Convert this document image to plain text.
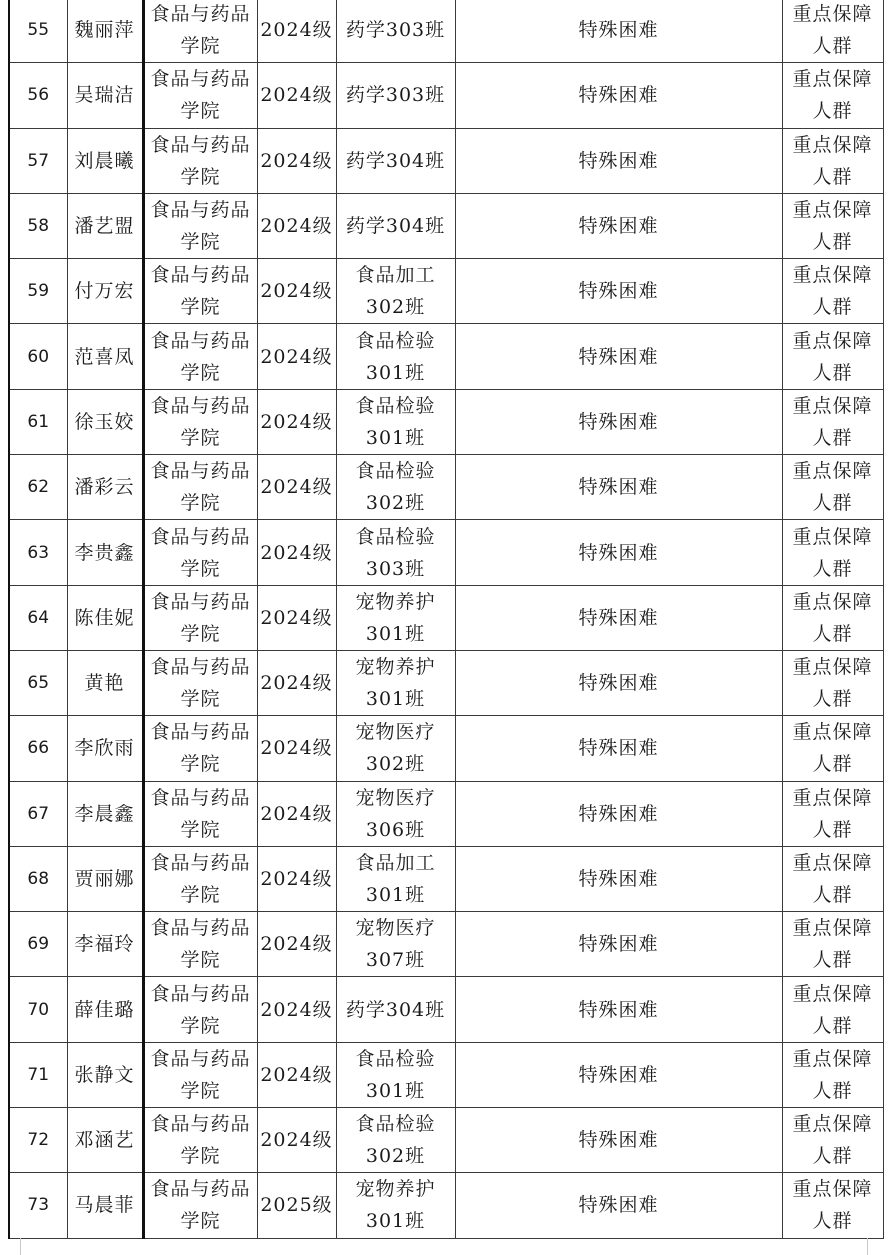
55	魏丽萍	食品与药品学院	2024级	药学303班	特殊困难	重点保障人群
56	吴瑞洁	食品与药品学院	2024级	药学303班	特殊困难	重点保障人群
57	刘晨曦	食品与药品学院	2024级	药学304班	特殊困难	重点保障人群
58	潘艺盟	食品与药品学院	2024级	药学304班	特殊困难	重点保障人群
59	付万宏	食品与药品学院	2024级	食品加工302班	特殊困难	重点保障人群
60	范喜凤	食品与药品学院	2024级	食品检验301班	特殊困难	重点保障人群
61	徐玉姣	食品与药品学院	2024级	食品检验301班	特殊困难	重点保障人群
62	潘彩云	食品与药品学院	2024级	食品检验302班	特殊困难	重点保障人群
63	李贵鑫	食品与药品学院	2024级	食品检验303班	特殊困难	重点保障人群
64	陈佳妮	食品与药品学院	2024级	宠物养护301班	特殊困难	重点保障人群
65	黄艳	食品与药品学院	2024级	宠物养护301班	特殊困难	重点保障人群
66	李欣雨	食品与药品学院	2024级	宠物医疗302班	特殊困难	重点保障人群
67	李晨鑫	食品与药品学院	2024级	宠物医疗306班	特殊困难	重点保障人群
68	贾丽娜	食品与药品学院	2024级	食品加工301班	特殊困难	重点保障人群
69	李福玲	食品与药品学院	2024级	宠物医疗307班	特殊困难	重点保障人群
70	薛佳璐	食品与药品学院	2024级	药学304班	特殊困难	重点保障人群
71	张静文	食品与药品学院	2024级	食品检验301班	特殊困难	重点保障人群
72	邓涵艺	食品与药品学院	2024级	食品检验302班	特殊困难	重点保障人群
73	马晨菲	食品与药品学院	2025级	宠物养护301班	特殊困难	重点保障人群
